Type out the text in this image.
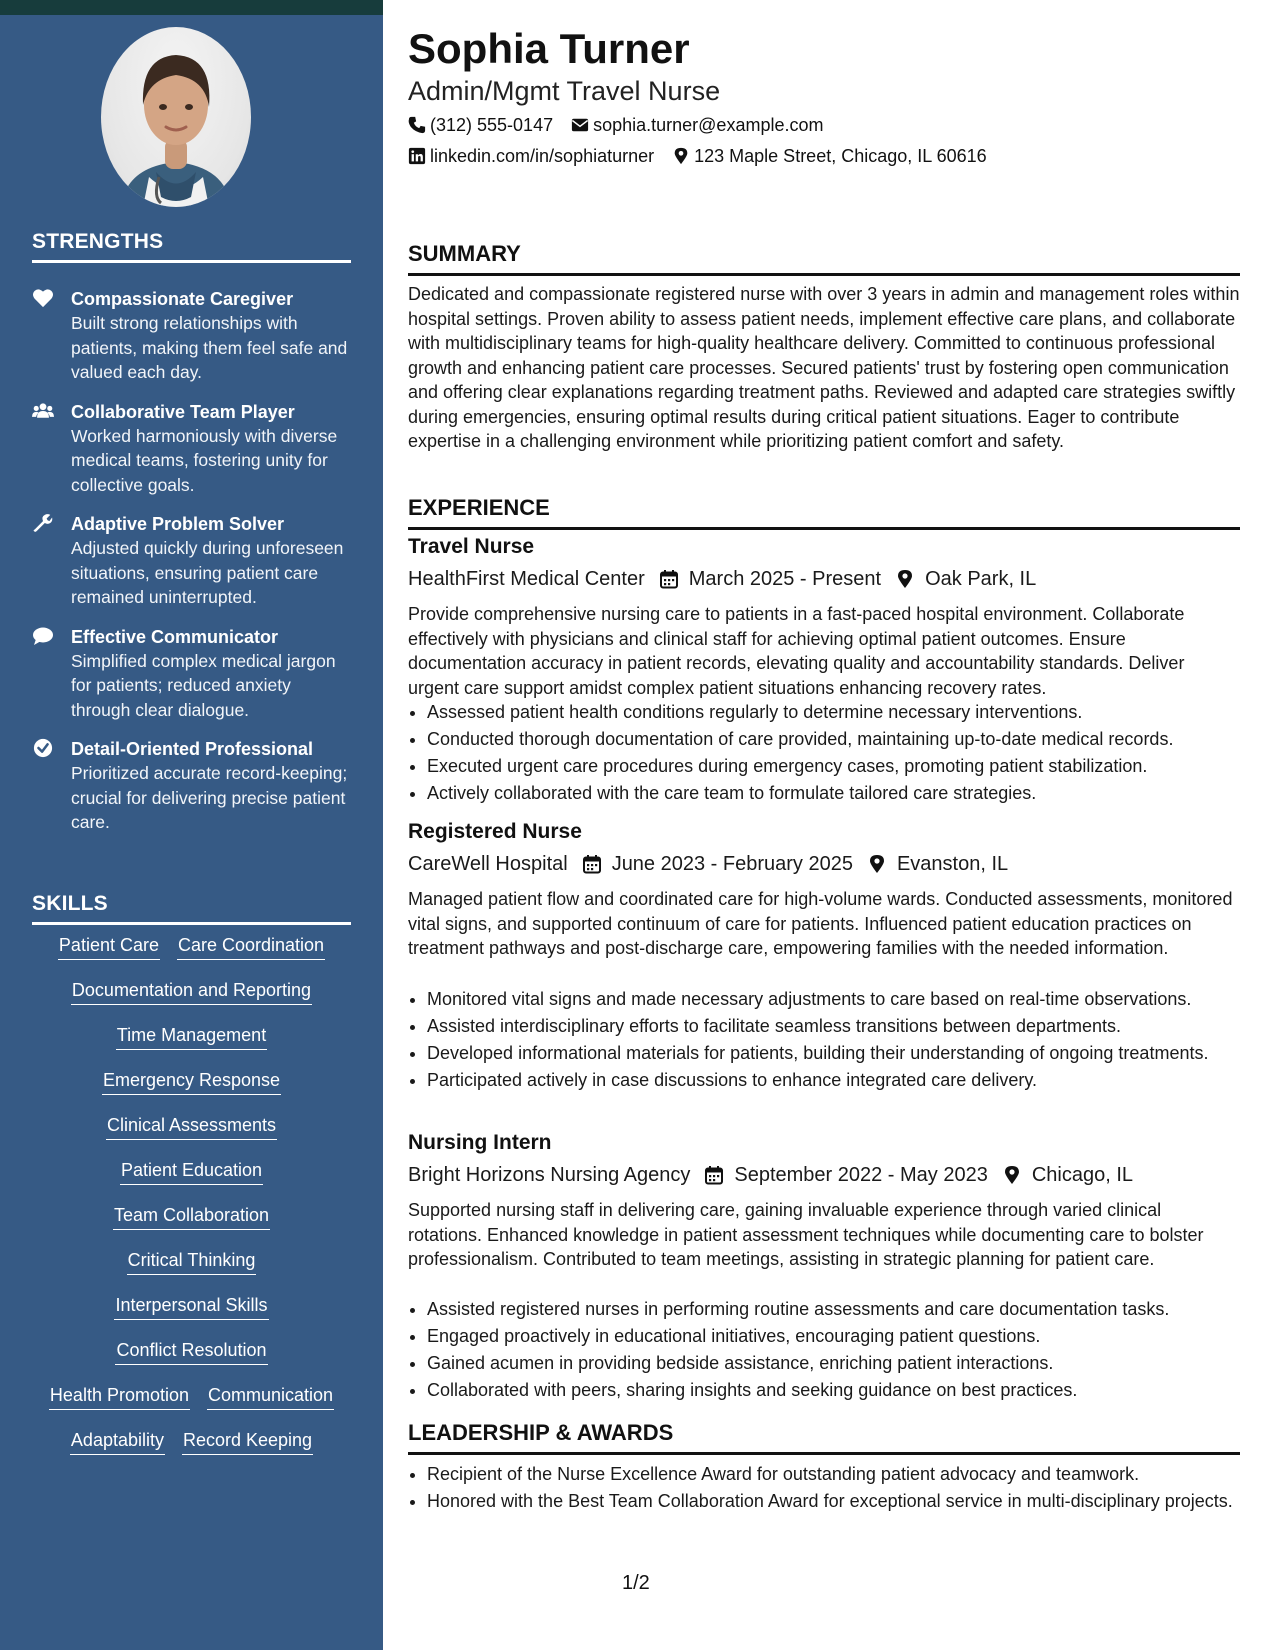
STRENGTHS
Compassionate Caregiver
Built strong relationships with patients, making them feel safe and valued each day.
Collaborative Team Player
Worked harmoniously with diverse medical teams, fostering unity for collective goals.
Adaptive Problem Solver
Adjusted quickly during unforeseen situations, ensuring patient care remained uninterrupted.
Effective Communicator
Simplified complex medical jargon for patients; reduced anxiety through clear dialogue.
Detail-Oriented Professional
Prioritized accurate record-keeping; crucial for delivering precise patient care.
SKILLS
Patient Care Care Coordination
Documentation and Reporting
Time Management
Emergency Response
Clinical Assessments
Patient Education
Team Collaboration
Critical Thinking
Interpersonal Skills
Conflict Resolution
Health Promotion Communication
Adaptability Record Keeping
Sophia Turner
Admin/Mgmt Travel Nurse
(312) 555-0147 sophia.turner@example.com
linkedin.com/in/sophiaturner 123 Maple Street, Chicago, IL 60616
SUMMARY
Dedicated and compassionate registered nurse with over 3 years in admin and management roles within hospital settings. Proven ability to assess patient needs, implement effective care plans, and collaborate with multidisciplinary teams for high-quality healthcare delivery. Committed to continuous professional growth and enhancing patient care processes. Secured patients' trust by fostering open communication and offering clear explanations regarding treatment paths. Reviewed and adapted care strategies swiftly during emergencies, ensuring optimal results during critical patient situations. Eager to contribute expertise in a challenging environment while prioritizing patient comfort and safety.
EXPERIENCE
Travel Nurse
HealthFirst Medical Center March 2025 - Present Oak Park, IL
Provide comprehensive nursing care to patients in a fast-paced hospital environment. Collaborate effectively with physicians and clinical staff for achieving optimal patient outcomes. Ensure documentation accuracy in patient records, elevating quality and accountability standards. Deliver urgent care support amidst complex patient situations enhancing recovery rates.
• Assessed patient health conditions regularly to determine necessary interventions.
• Conducted thorough documentation of care provided, maintaining up-to-date medical records.
• Executed urgent care procedures during emergency cases, promoting patient stabilization.
• Actively collaborated with the care team to formulate tailored care strategies.
Registered Nurse
CareWell Hospital June 2023 - February 2025 Evanston, IL
Managed patient flow and coordinated care for high-volume wards. Conducted assessments, monitored vital signs, and supported continuum of care for patients. Influenced patient education practices on treatment pathways and post-discharge care, empowering families with the needed information.
• Monitored vital signs and made necessary adjustments to care based on real-time observations.
• Assisted interdisciplinary efforts to facilitate seamless transitions between departments.
• Developed informational materials for patients, building their understanding of ongoing treatments.
• Participated actively in case discussions to enhance integrated care delivery.
Nursing Intern
Bright Horizons Nursing Agency September 2022 - May 2023 Chicago, IL
Supported nursing staff in delivering care, gaining invaluable experience through varied clinical rotations. Enhanced knowledge in patient assessment techniques while documenting care to bolster professionalism. Contributed to team meetings, assisting in strategic planning for patient care.
• Assisted registered nurses in performing routine assessments and care documentation tasks.
• Engaged proactively in educational initiatives, encouraging patient questions.
• Gained acumen in providing bedside assistance, enriching patient interactions.
• Collaborated with peers, sharing insights and seeking guidance on best practices.
LEADERSHIP & AWARDS
• Recipient of the Nurse Excellence Award for outstanding patient advocacy and teamwork.
• Honored with the Best Team Collaboration Award for exceptional service in multi-disciplinary projects.
1/2
